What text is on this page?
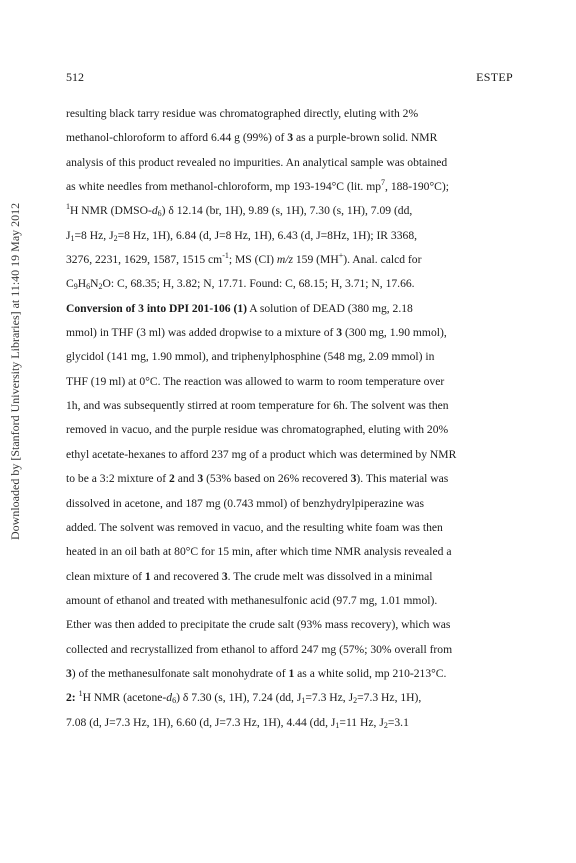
512	ESTEP
Downloaded by [Stanford University Libraries] at 11:40 19 May 2012
resulting black tarry residue was chromatographed directly, eluting with 2%
methanol-chloroform to afford 6.44 g (99%) of 3 as a purple-brown solid. NMR
analysis of this product revealed no impurities. An analytical sample was obtained
as white needles from methanol-chloroform, mp 193-194°C (lit. $mp^7$, 188-190°C);
$^1$H NMR $(DMSO-d_6)$ δ 12.14 (br, 1H), 9.89 (s, 1H), 7.30 (s, 1H), 7.09 (dd,
$J_1=8$ Hz, $J_2=8$ Hz, 1H), 6.84 (d, J=8 Hz, 1H), 6.43 (d, J=8Hz, 1H); IR 3368,
3276, 2231, 1629, 1587, 1515 $cm^{-1}$; MS (CI) m/z 159 (MH+). Anal. calcd for
$C_9H_6N_2O$: C, 68.35; H, 3.82; N, 17.71. Found: C, 68.15; H, 3.71; N, 17.66.
Conversion of 3 into DPI 201-106 (1) A solution of DEAD (380 mg, 2.18
mmol) in THF (3 ml) was added dropwise to a mixture of 3 (300 mg, 1.90 mmol),
glycidol (141 mg, 1.90 mmol), and triphenylphosphine (548 mg, 2.09 mmol) in
THF (19 ml) at 0°C. The reaction was allowed to warm to room temperature over
1h, and was subsequently stirred at room temperature for 6h. The solvent was then
removed in vacuo, and the purple residue was chromatographed, eluting with 20%
ethyl acetate-hexanes to afford 237 mg of a product which was determined by NMR
to be a 3:2 mixture of 2 and 3 (53% based on 26% recovered 3). This material was
dissolved in acetone, and 187 mg (0.743 mmol) of benzhydrylpiperazine was
added. The solvent was removed in vacuo, and the resulting white foam was then
heated in an oil bath at 80°C for 15 min, after which time NMR analysis revealed a
clean mixture of 1 and recovered 3. The crude melt was dissolved in a minimal
amount of ethanol and treated with methanesulfonic acid (97.7 mg, 1.01 mmol).
Ether was then added to precipitate the crude salt (93% mass recovery), which was
collected and recrystallized from ethanol to afford 247 mg (57%; 30% overall from
3) of the methanesulfonate salt monohydrate of 1 as a white solid, mp 210-213°C.
2: $^1$H NMR $(acetone-d_6)$ δ 7.30 (s, 1H), 7.24 (dd, $J_1=7.3$ Hz, $J_2=7.3$ Hz, 1H),
7.08 (d, J=7.3 Hz, 1H), 6.60 (d, J=7.3 Hz, 1H), 4.44 (dd, $J_1=11$ Hz, $J_2=3.1$
